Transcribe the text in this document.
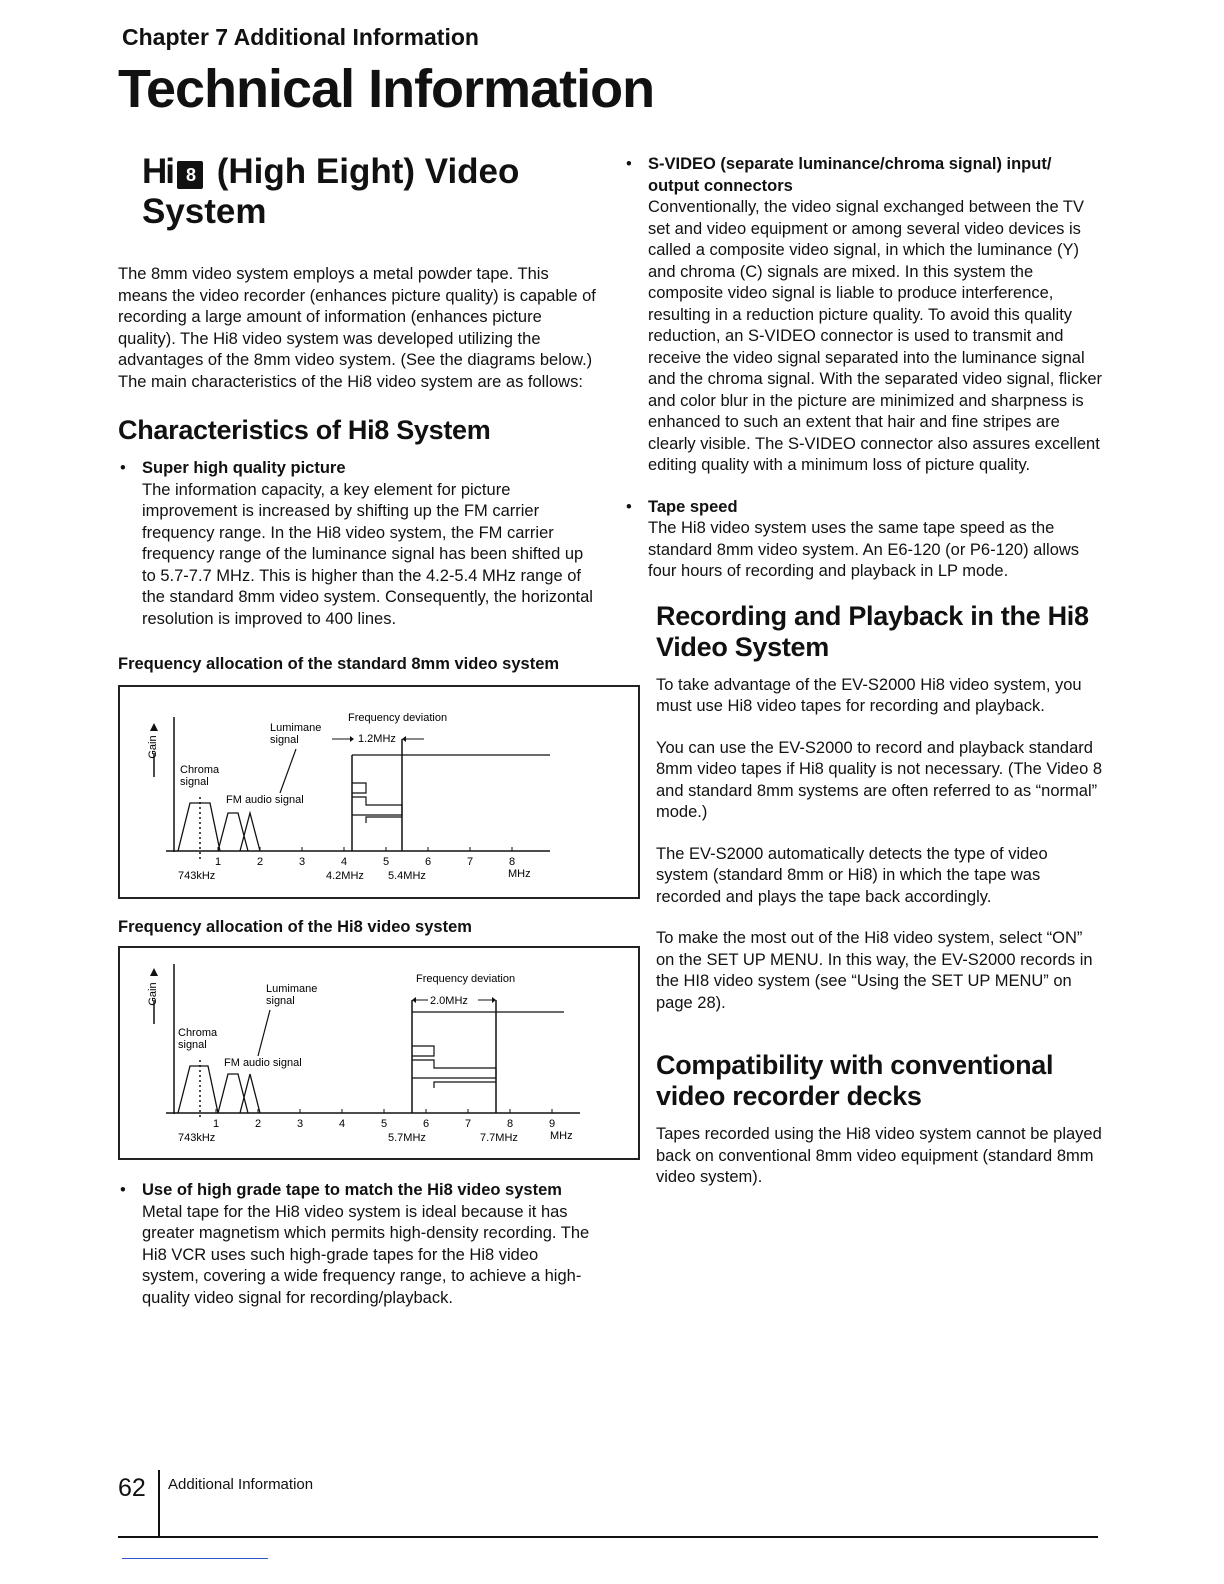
Chapter 7 Additional Information
Technical Information
Hi 8 (High Eight) Video
System

The 8mm video system employs a metal powder tape. This means the video recorder (enhances picture quality) is capable of recording a large amount of information (enhances picture quality). The Hi8 video system was developed utilizing the advantages of the 8mm video system. (See the diagrams below.) The main characteristics of the Hi8 video system are as follows:

Characteristics of Hi8 System
• Super high quality picture

The information capacity, a key element for picture improvement is increased by shifting up the FM carrier frequency range. In the Hi8 video system, the FM carrier frequency range of the luminance signal has been shifted up to 5.7-7.7 MHz. This is higher than the 4.2-5.4 MHz range of the standard 8mm video system. Consequently, the horizontal resolution is improved to 400 lines.

Frequency allocation of the standard 8mm video system
Gain
1	2	3	4	5	6	7	8
Frequency deviation
1.2MHz
Lumimane
signal
Chroma
signal
FM audio signal
743kHz	4.2MHz 5.4MHz	MHz
Frequency allocation of the Hi8 video system
Gain
1	2	3	4	5	6	7	8	9
Frequency deviation
2.0MHz
Lumimane
signal
Chroma
signal
FM audio signal
743kHz	5.7MHz	7.7MHz	MHz
• Use of high grade tape to match the Hi8 video system

Metal tape for the Hi8 video system is ideal because it has greater magnetism which permits high-density recording. The Hi8 VCR uses such high-grade tapes for the Hi8 video system, covering a wide frequency range, to achieve a high-quality video signal for recording/playback.

• S-VIDEO (separate luminance/chroma signal) input/ output connectors

Conventionally, the video signal exchanged between the TV set and video equipment or among several video devices is called a composite video signal, in which the luminance (Y) and chroma (C) signals are mixed. In this system the composite video signal is liable to produce interference, resulting in a reduction picture quality. To avoid this quality reduction, an S-VIDEO connector is used to transmit and receive the video signal separated into the luminance signal and the chroma signal. With the separated video signal, flicker and color blur in the picture are minimized and sharpness is enhanced to such an extent that hair and fine stripes are clearly visible. The S-VIDEO connector also assures excellent editing quality with a minimum loss of picture quality.

• Tape speed

The Hi8 video system uses the same tape speed as the standard 8mm video system. An E6-120 (or P6-120) allows four hours of recording and playback in LP mode.

Recording and Playback in the Hi8 Video System

To take advantage of the EV-S2000 Hi8 video system, you must use Hi8 video tapes for recording and playback.

You can use the EV-S2000 to record and playback standard 8mm video tapes if Hi8 quality is not necessary. (The Video 8 and standard 8mm systems are often referred to as “normal” mode.)

The EV-S2000 automatically detects the type of video system (standard 8mm or Hi8) in which the tape was recorded and plays the tape back accordingly.

To make the most out of the Hi8 video system, select “ON” on the SET UP MENU. In this way, the EV-S2000 records in the HI8 video system (see “Using the SET UP MENU” on page 28).

Compatibility with conventional video recorder decks

Tapes recorded using the Hi8 video system cannot be played back on conventional 8mm video equipment (standard 8mm video system).

62 Additional Information
